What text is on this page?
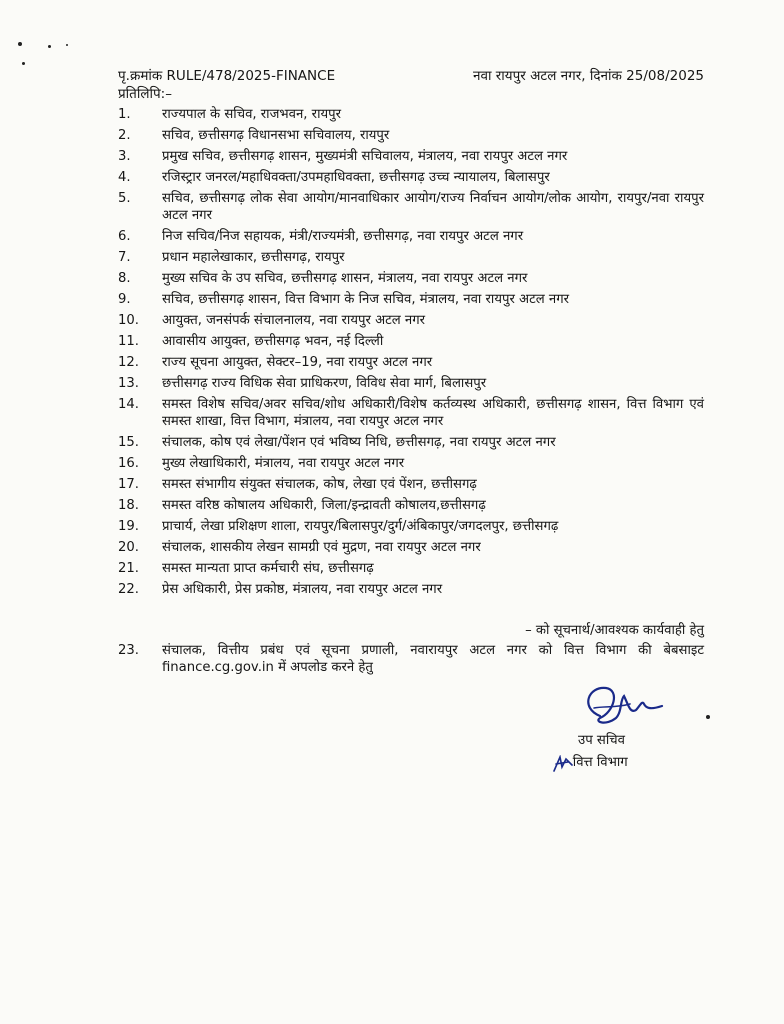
पृ.क्रमांक RULE/478/2025-FINANCE	नवा रायपुर अटल नगर, दिनांक 25/08/2025
प्रतिलिपि:–
1.	राज्यपाल के सचिव, राजभवन, रायपुर
2.	सचिव, छत्तीसगढ़ विधानसभा सचिवालय, रायपुर
3.	प्रमुख सचिव, छत्तीसगढ़ शासन, मुख्यमंत्री सचिवालय, मंत्रालय, नवा रायपुर अटल नगर
4.	रजिस्ट्रार जनरल/महाधिवक्ता/उपमहाधिवक्ता, छत्तीसगढ़ उच्च न्यायालय, बिलासपुर
5.	सचिव, छत्तीसगढ़ लोक सेवा आयोग/मानवाधिकार आयोग/राज्य निर्वाचन आयोग/लोक आयोग, रायपुर/नवा रायपुर अटल नगर
6.	निज सचिव/निज सहायक, मंत्री/राज्यमंत्री, छत्तीसगढ़, नवा रायपुर अटल नगर
7.	प्रधान महालेखाकार, छत्तीसगढ़, रायपुर
8.	मुख्य सचिव के उप सचिव, छत्तीसगढ़ शासन, मंत्रालय, नवा रायपुर अटल नगर
9.	सचिव, छत्तीसगढ़ शासन, वित्त विभाग के निज सचिव, मंत्रालय, नवा रायपुर अटल नगर
10.	आयुक्त, जनसंपर्क संचालनालय, नवा रायपुर अटल नगर
11.	आवासीय आयुक्त, छत्तीसगढ़ भवन, नई दिल्ली
12.	राज्य सूचना आयुक्त, सेक्टर–19, नवा रायपुर अटल नगर
13.	छत्तीसगढ़ राज्य विधिक सेवा प्राधिकरण, विविध सेवा मार्ग, बिलासपुर
14.	समस्त विशेष सचिव/अवर सचिव/शोध अधिकारी/विशेष कर्तव्यस्थ अधिकारी, छत्तीसगढ़ शासन, वित्त विभाग एवं समस्त शाखा, वित्त विभाग, मंत्रालय, नवा रायपुर अटल नगर
15.	संचालक, कोष एवं लेखा/पेंशन एवं भविष्य निधि, छत्तीसगढ़, नवा रायपुर अटल नगर
16.	मुख्य लेखाधिकारी, मंत्रालय, नवा रायपुर अटल नगर
17.	समस्त संभागीय संयुक्त संचालक, कोष, लेखा एवं पेंशन, छत्तीसगढ़
18.	समस्त वरिष्ठ कोषालय अधिकारी, जिला/इन्द्रावती कोषालय,छत्तीसगढ़
19.	प्राचार्य, लेखा प्रशिक्षण शाला, रायपुर/बिलासपुर/दुर्ग/अंबिकापुर/जगदलपुर, छत्तीसगढ़
20.	संचालक, शासकीय लेखन सामग्री एवं मुद्रण, नवा रायपुर अटल नगर
21.	समस्त मान्यता प्राप्त कर्मचारी संघ, छत्तीसगढ़
22.	प्रेस अधिकारी, प्रेस प्रकोष्ठ, मंत्रालय, नवा रायपुर अटल नगर
– को सूचनार्थ/आवश्यक कार्यवाही हेतु
23.	संचालक, वित्तीय प्रबंध एवं सूचना प्रणाली, नवारायपुर अटल नगर को वित्त विभाग की बेबसाइट finance.cg.gov.in में अपलोड करने हेतु
उप सचिव
वित्त विभाग
